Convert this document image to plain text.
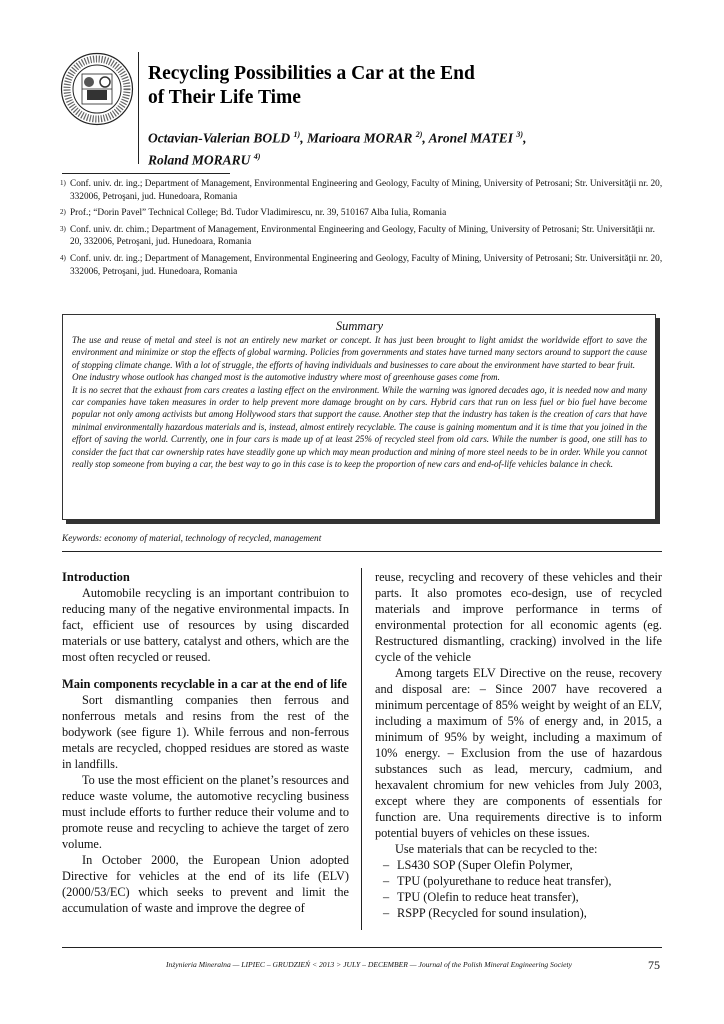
Recycling Possibilities a Car at the End
of Their Life Time

Octavian-Valerian BOLD $^{1)}$, Marioara MORAR $^{2)}$, Aronel MATEI $^{3)}$,
Roland MORARU $^{4)}$

1) Conf. univ. dr. ing.; Department of Management, Environmental Engineering and Geology, Faculty of Mining, University of Petrosani; Str. Universităţii nr. 20, 332006, Petroşani, jud. Hunedoara, Romania
2) Prof.; “Dorin Pavel” Technical College; Bd. Tudor Vladimirescu, nr. 39, 510167 Alba Iulia, Romania
3) Conf. univ. dr. chim.; Department of Management, Environmental Engineering and Geology, Faculty of Mining, University of Petrosani; Str. Universităţii nr. 20, 332006, Petroşani, jud. Hunedoara, Romania
4) Conf. univ. dr. ing.; Department of Management, Environmental Engineering and Geology, Faculty of Mining, University of Petrosani; Str. Universităţii nr. 20, 332006, Petroşani, jud. Hunedoara, Romania
Summary

The use and reuse of metal and steel is not an entirely new market or concept. It has just been brought to light amidst the worldwide effort to save the environment and minimize or stop the effects of global warming. Policies from governments and states have turned many sectors around to support the cause of stopping climate change. With a lot of struggle, the efforts of having individuals and businesses to care about the environment have started to bear fruit.

One industry whose outlook has changed most is the automotive industry where most of greenhouse gases come from.

It is no secret that the exhaust from cars creates a lasting effect on the environment. While the warning was ignored decades ago, it is needed now and many car companies have taken measures in order to help prevent more damage brought on by cars. Hybrid cars that run on less fuel or bio fuel have become popular not only among activists but among Hollywood stars that support the cause. Another step that the industry has taken is the creation of cars that have minimal environmentally hazardous materials and is, instead, almost entirely recyclable. The cause is gaining momentum and it is time that you joined in the effort of saving the world. Currently, one in four cars is made up of at least 25% of recycled steel from old cars. While the number is good, one still has to consider the fact that car ownership rates have steadily gone up which may mean production and mining of more steel needs to be in order. While you cannot really stop someone from buying a car, the best way to go in this case is to keep the proportion of new cars and end-of-life vehicles balance in check.

Keywords: economy of material, technology of recycled, management
Introduction

Automobile recycling is an important contribuion to reducing many of the negative environmental impacts. In fact, efficient use of resources by using discarded materials or use battery, catalyst and others, which are the most often recycled or reused.

Main components recyclable in a car at the end of life

Sort dismantling companies then ferrous and nonferrous metals and resins from the rest of the bodywork (see figure 1). While ferrous and non-ferrous metals are recycled, chopped residues are stored as waste in landfills.

To use the most efficient on the planet’s resources and reduce waste volume, the automotive recycling business must include efforts to further reduce their volume and to promote reuse and recycling to achieve the target of zero volume.

In October 2000, the European Union adopted Directive for vehicles at the end of its life (ELV) (2000/53/EC) which seeks to prevent and limit the accumulation of waste and improve the degree of

reuse, recycling and recovery of these vehicles and their parts. It also promotes eco-design, use of recycled materials and improve performance in terms of environmental protection for all economic agents (eg. Restructured dismantling, cracking) involved in the life cycle of the vehicle

Among targets ELV Directive on the reuse, recovery and disposal are: – Since 2007 have recovered a minimum percentage of 85% weight by weight of an ELV, including a maximum of 5% of energy and, in 2015, a minimum of 95% by weight, including a maximum of 10% energy. – Exclusion from the use of hazardous substances such as lead, mercury, cadmium, and hexavalent chromium for new vehicles from July 2003, except where they are components of essentials for function are. Una requirements directive is to inform potential buyers of vehicles on these issues.

Use materials that can be recycled to the:

– LS430 SOP (Super Olefin Polymer,
– TPU (polyurethane to reduce heat transfer),
– TPU (Olefin to reduce heat transfer),
– RSPP (Recycled for sound insulation),
Inżynieria Mineralna — LIPIEC – GRUDZIEŃ < 2013 > JULY – DECEMBER — Journal of the Polish Mineral Engineering Society	75
